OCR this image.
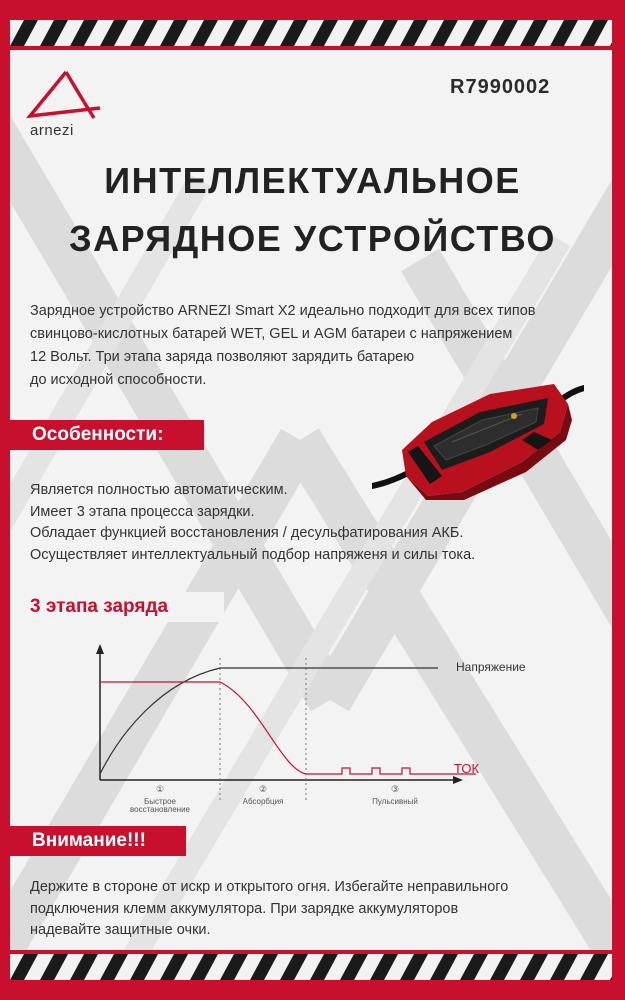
arnezi
R7990002
ИНТЕЛЛЕКТУАЛЬНОЕ
ЗАРЯДНОЕ УСТРОЙСТВО

Зарядное устройство ARNEZI Smart X2 идеально подходит для всех типов

свинцово-кислотных батарей WET, GEL и AGM батареи с напряжением

12 Вольт. Три этапа заряда позволяют зарядить батарею

до исходной способности.

Особенности:
Является полностью автоматическим.
Имеет 3 этапа процесса зарядки.
Обладает функцией восстановления / десульфатирования АКБ.
Осуществляет интеллектуальный подбор напряженя и силы тока.
3 этапа заряда
Напряжение
ТОК
①
Быстрое
восстановление
②
Абсорбция
③
Пульсивный
Внимание!!!
Держите в стороне от искр и открытого огня. Избегайте неправильного
подключения клемм аккумулятора. При зарядке аккумуляторов
надевайте защитные очки.
